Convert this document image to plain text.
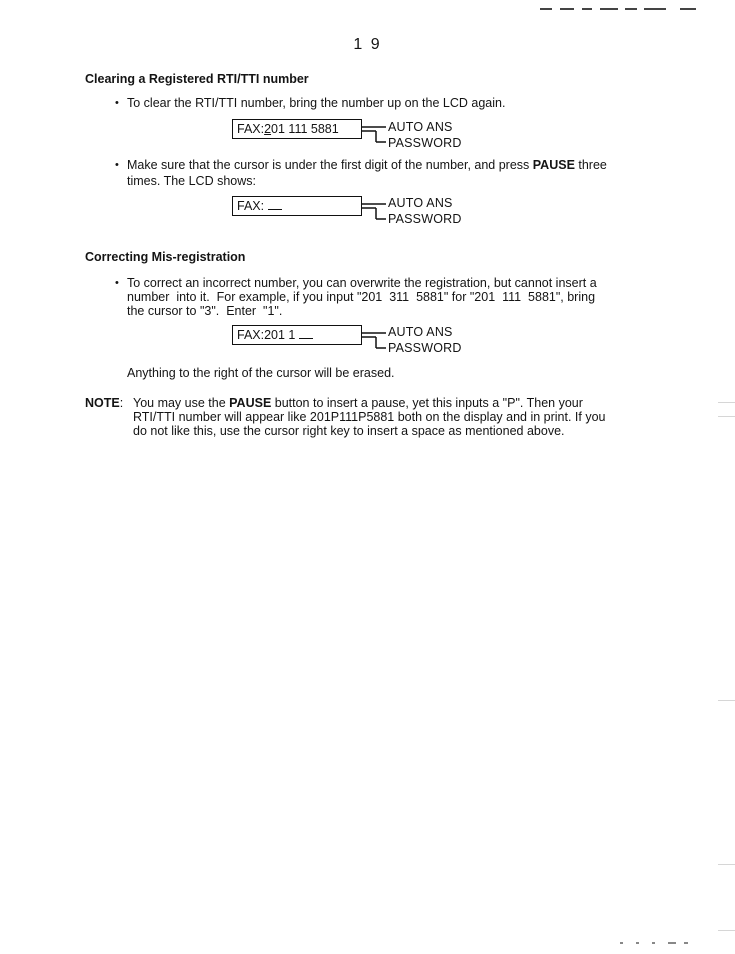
1 9
Clearing a Registered RTI/TTI number
• To clear the RTI/TTI number, bring the number up on the LCD again.
FAX:201 111 5881	AUTO ANS
PASSWORD
• Make sure that the cursor is under the first digit of the number, and press PAUSE three
times. The LCD shows:
FAX:	AUTO ANS
PASSWORD
Correcting Mis-registration
• To correct an incorrect number, you can overwrite the registration, but cannot insert a
number  into it.  For example, if you input "201  311  5881" for "201  111  5881", bring
the cursor to "3".  Enter  "1".
FAX:201 1	AUTO ANS
PASSWORD
Anything to the right of the cursor will be erased.
NOTE: You may use the PAUSE button to insert a pause, yet this inputs a "P". Then your
RTI/TTI number will appear like 201P111P5881 both on the display and in print. If you
do not like this, use the cursor right key to insert a space as mentioned above.
